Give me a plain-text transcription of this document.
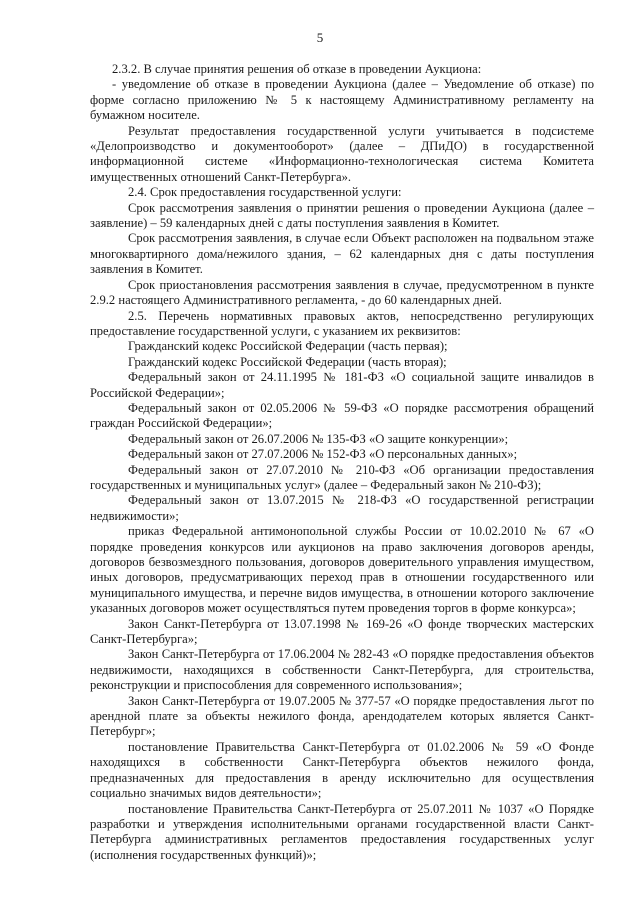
5

2.3.2. В случае принятия решения об отказе в проведении Аукциона:

- уведомление об отказе в проведении Аукциона (далее – Уведомление об отказе) по форме согласно приложению № 5 к настоящему Административному регламенту на бумажном носителе.

Результат предоставления государственной услуги учитывается в подсистеме «Делопроизводство и документооборот» (далее – ДПиДО) в государственной информационной системе «Информационно-технологическая система Комитета имущественных отношений Санкт-Петербурга».

2.4. Срок предоставления государственной услуги:

Срок рассмотрения заявления о принятии решения о проведении Аукциона (далее – заявление) – 59 календарных дней с даты поступления заявления в Комитет.

Срок рассмотрения заявления, в случае если Объект расположен на подвальном этаже многоквартирного дома/нежилого здания, – 62 календарных дня с даты поступления заявления в Комитет.

Срок приостановления рассмотрения заявления в случае, предусмотренном в пункте 2.9.2 настоящего Административного регламента, - до 60 календарных дней.

2.5. Перечень нормативных правовых актов, непосредственно регулирующих предоставление государственной услуги, с указанием их реквизитов:

Гражданский кодекс Российской Федерации (часть первая);

Гражданский кодекс Российской Федерации (часть вторая);

Федеральный закон от 24.11.1995 № 181-ФЗ «О социальной защите инвалидов в Российской Федерации»;

Федеральный закон от 02.05.2006 № 59-ФЗ «О порядке рассмотрения обращений граждан Российской Федерации»;

Федеральный закон от 26.07.2006 № 135-ФЗ «О защите конкуренции»;

Федеральный закон от 27.07.2006 № 152-ФЗ «О персональных данных»;

Федеральный закон от 27.07.2010 № 210-ФЗ «Об организации предоставления государственных и муниципальных услуг» (далее – Федеральный закон № 210-ФЗ);

Федеральный закон от 13.07.2015 № 218-ФЗ «О государственной регистрации недвижимости»;

приказ Федеральной антимонопольной службы России от 10.02.2010 № 67 «О порядке проведения конкурсов или аукционов на право заключения договоров аренды, договоров безвозмездного пользования, договоров доверительного управления имуществом, иных договоров, предусматривающих переход прав в отношении государственного или муниципального имущества, и перечне видов имущества, в отношении которого заключение указанных договоров может осуществляться путем проведения торгов в форме конкурса»;

Закон Санкт-Петербурга от 13.07.1998 № 169-26 «О фонде творческих мастерских Санкт-Петербурга»;

Закон Санкт-Петербурга от 17.06.2004 № 282-43 «О порядке предоставления объектов недвижимости, находящихся в собственности Санкт-Петербурга, для строительства, реконструкции и приспособления для современного использования»;

Закон Санкт-Петербурга от 19.07.2005 № 377-57 «О порядке предоставления льгот по арендной плате за объекты нежилого фонда, арендодателем которых является Санкт-Петербург»;

постановление Правительства Санкт-Петербурга от 01.02.2006 № 59 «О Фонде находящихся в собственности Санкт-Петербурга объектов нежилого фонда, предназначенных для предоставления в аренду исключительно для осуществления социально значимых видов деятельности»;

постановление Правительства Санкт-Петербурга от 25.07.2011 № 1037 «О Порядке разработки и утверждения исполнительными органами государственной власти Санкт-Петербурга административных регламентов предоставления государственных услуг (исполнения государственных функций)»;
